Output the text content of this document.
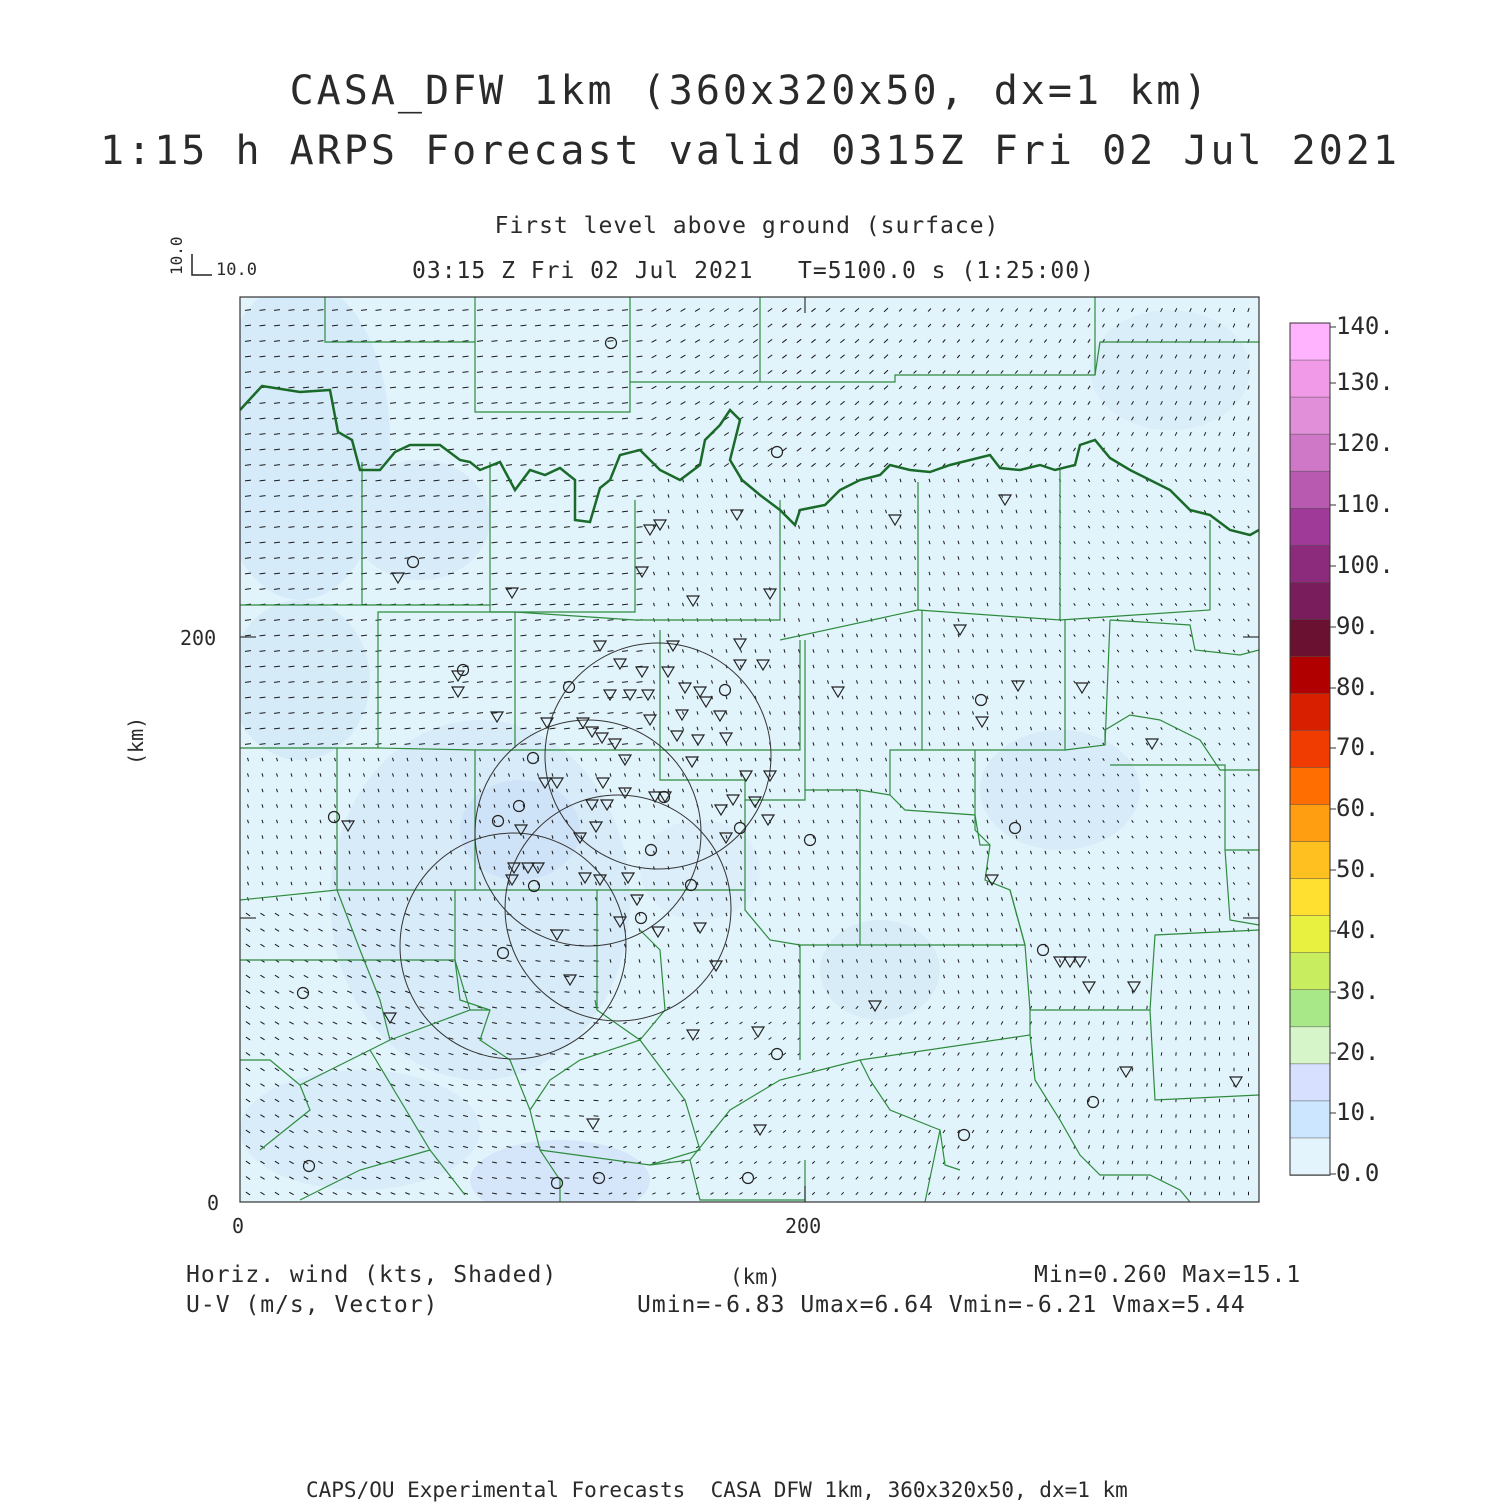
CASA_DFW 1km (360x320x50, dx=1 km)
1:15 h ARPS Forecast valid 0315Z Fri 02 Jul 2021
First level above ground (surface)
03:15 Z Fri 02 Jul 2021   T=5100.0 s (1:25:00)
10.0 10.0
200
0
0	200
(km)
140.
130.
120.
110.
100.
90.
80.
70.
60.
50.
40.
30.
20.
10.
0.0
Horiz. wind (kts, Shaded)
U-V (m/s, Vector)
(km)	Min=0.260 Max=15.1
Umin=-6.83 Umax=6.64 Vmin=-6.21 Vmax=5.44
CAPS/OU Experimental Forecasts  CASA DFW 1km, 360x320x50, dx=1 km
